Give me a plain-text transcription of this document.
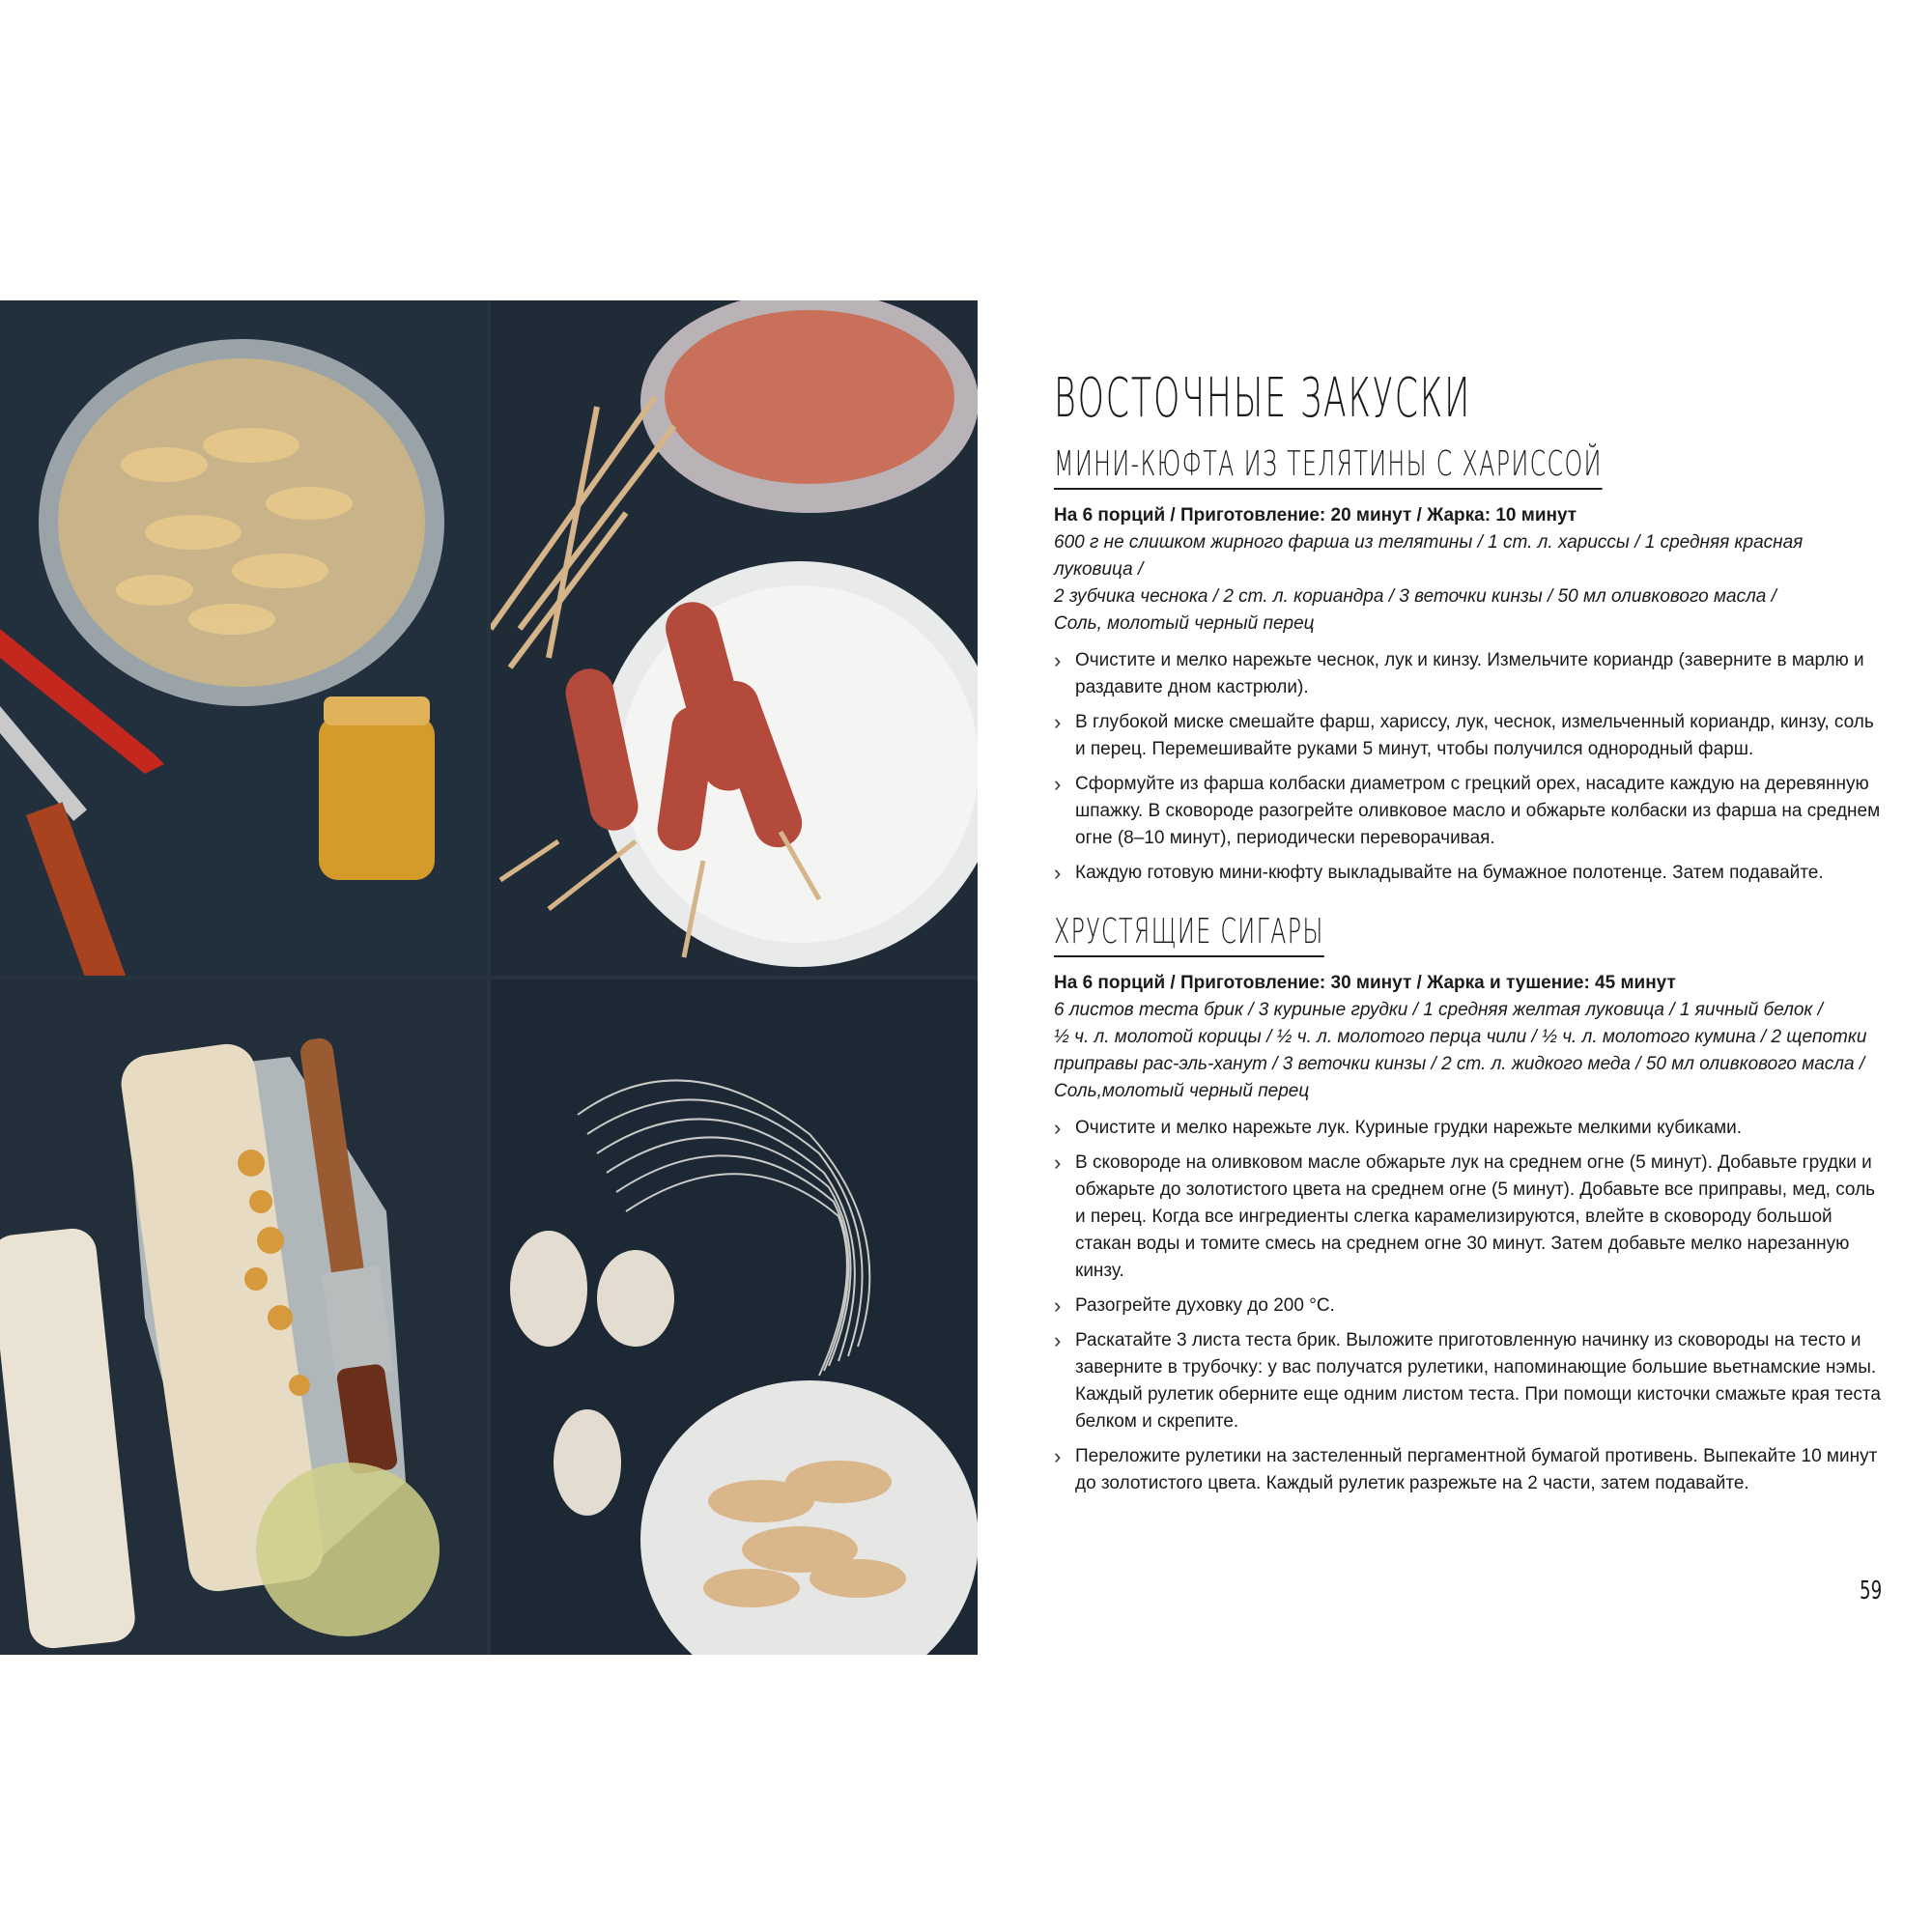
ВОСТОЧНЫЕ ЗАКУСКИ
МИНИ-КЮФТА ИЗ ТЕЛЯТИНЫ С ХАРИССОЙ
На 6 порций / Приготовление: 20 минут / Жарка: 10 минут
600 г не слишком жирного фарша из телятины / 1 ст. л. хариссы / 1 средняя красная луковица /
2 зубчика чеснока / 2 ст. л. кориандра / 3 веточки кинзы / 50 мл оливкового масла /
Соль, молотый черный перец
› Очистите и мелко нарежьте чеснок, лук и кинзу. Измельчите кориандр (заверните в марлю и раздавите дном кастрюли).
› В глубокой миске смешайте фарш, хариссу, лук, чеснок, измельченный кориандр, кинзу, соль и перец. Перемешивайте руками 5 минут, чтобы получился однородный фарш.
› Сформуйте из фарша колбаски диаметром с грецкий орех, насадите каждую на деревянную шпажку. В сковороде разогрейте оливковое масло и обжарьте колбаски из фарша на среднем огне (8–10 минут), периодически переворачивая.
› Каждую готовую мини-кюфту выкладывайте на бумажное полотенце. Затем подавайте.
ХРУСТЯЩИЕ СИГАРЫ
На 6 порций / Приготовление: 30 минут / Жарка и тушение: 45 минут
6 листов теста брик / 3 куриные грудки / 1 средняя желтая луковица / 1 яичный белок /
½ ч. л. молотой корицы / ½ ч. л. молотого перца чили / ½ ч. л. молотого кумина / 2 щепотки
приправы рас-эль-ханут / 3 веточки кинзы / 2 ст. л. жидкого меда / 50 мл оливкового масла /
Соль,молотый черный перец
› Очистите и мелко нарежьте лук. Куриные грудки нарежьте мелкими кубиками.
› В сковороде на оливковом масле обжарьте лук на среднем огне (5 минут). Добавьте грудки и обжарьте до золотистого цвета на среднем огне (5 минут). Добавьте все приправы, мед, соль и перец. Когда все ингредиенты слегка карамелизируются, влейте в сковороду большой стакан воды и томите смесь на среднем огне 30 минут. Затем добавьте мелко нарезанную кинзу.
› Разогрейте духовку до 200 °C.
› Раскатайте 3 листа теста брик. Выложите приготовленную начинку из сковороды на тесто и заверните в трубочку: у вас получатся рулетики, напоминающие большие вьетнамские нэмы. Каждый рулетик оберните еще одним листом теста. При помощи кисточки смажьте края теста белком и скрепите.
› Переложите рулетики на застеленный пергаментной бумагой противень. Выпекайте 10 минут до золотистого цвета. Каждый рулетик разрежьте на 2 части, затем подавайте.
59
